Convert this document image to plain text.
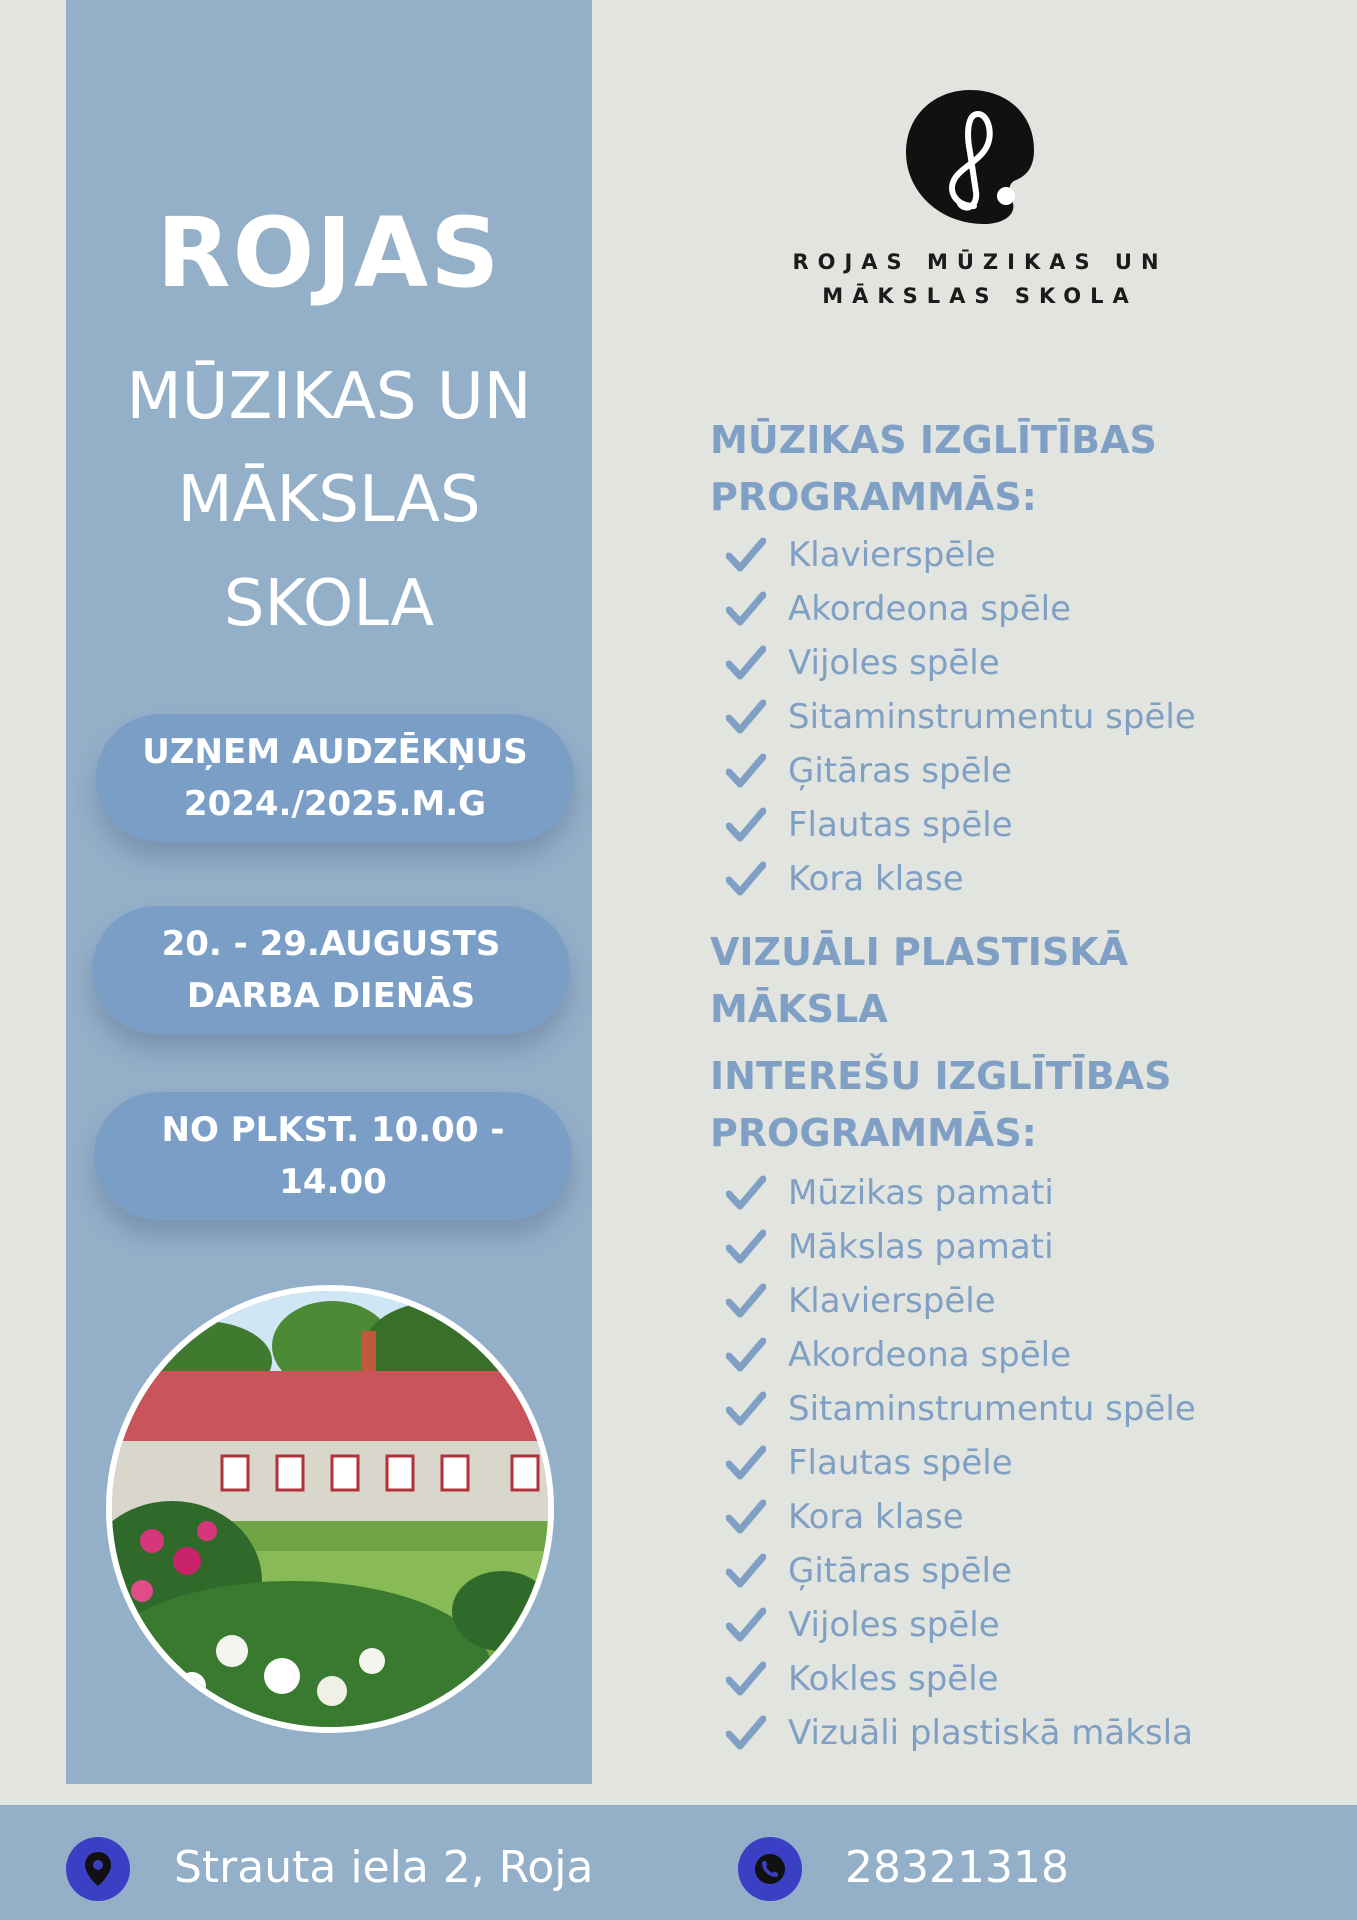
ROJAS
MŪZIKAS UN
MĀKSLAS
SKOLA
UZŅEM AUDZĒKŅUS
2024./2025.M.G
20. - 29.AUGUSTS
DARBA DIENĀS
NO PLKST. 10.00 -
14.00
ROJAS MŪZIKAS UN
MĀKSLAS SKOLA
MŪZIKAS IZGLĪTĪBAS
PROGRAMMĀS:
Klavierspēle
Akordeona spēle
Vijoles spēle
Sitaminstrumentu spēle
Ģitāras spēle
Flautas spēle
Kora klase
VIZUĀLI PLASTISKĀ
MĀKSLA
INTEREŠU IZGLĪTĪBAS
PROGRAMMĀS:
Mūzikas pamati
Mākslas pamati
Klavierspēle
Akordeona spēle
Sitaminstrumentu spēle
Flautas spēle
Kora klase
Ģitāras spēle
Vijoles spēle
Kokles spēle
Vizuāli plastiskā māksla
Strauta iela 2, Roja	28321318
